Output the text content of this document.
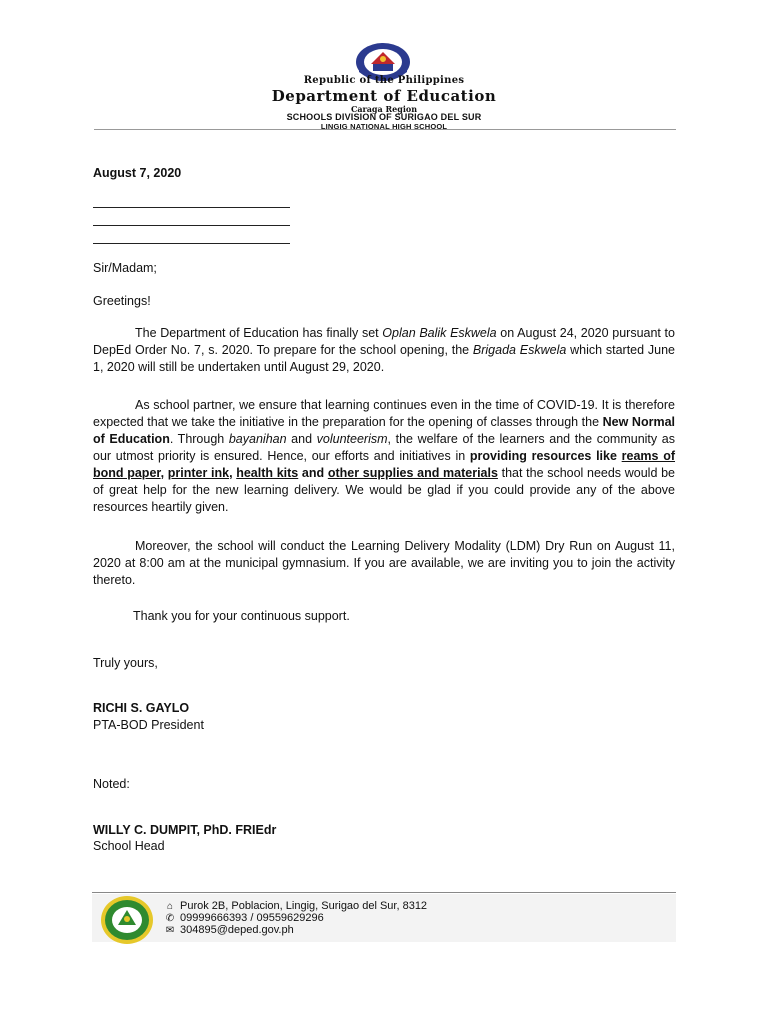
Republic of the Philippines
Department of Education
Caraga Region
SCHOOLS DIVISION OF SURIGAO DEL SUR
LINGIG NATIONAL HIGH SCHOOL
August 7, 2020
Sir/Madam;
Greetings!
The Department of Education has finally set Oplan Balik Eskwela on August 24, 2020 pursuant to DepEd Order No. 7, s. 2020. To prepare for the school opening, the Brigada Eskwela which started June 1, 2020 will still be undertaken until August 29, 2020.
As school partner, we ensure that learning continues even in the time of COVID-19. It is therefore expected that we take the initiative in the preparation for the opening of classes through the New Normal of Education. Through bayanihan and volunteerism, the welfare of the learners and the community as our utmost priority is ensured. Hence, our efforts and initiatives in providing resources like reams of bond paper, printer ink, health kits and other supplies and materials that the school needs would be of great help for the new learning delivery. We would be glad if you could provide any of the above resources heartily given.
Moreover, the school will conduct the Learning Delivery Modality (LDM) Dry Run on August 11, 2020 at 8:00 am at the municipal gymnasium. If you are available, we are inviting you to join the activity thereto.
Thank you for your continuous support.
Truly yours,
RICHI S. GAYLO
PTA-BOD President
Noted:
WILLY C. DUMPIT, PhD. FRIEdr
School Head
⌂ Purok 2B, Poblacion, Lingig, Surigao del Sur, 8312
✆ 09999666393 / 09559629296
✉ 304895@deped.gov.ph
